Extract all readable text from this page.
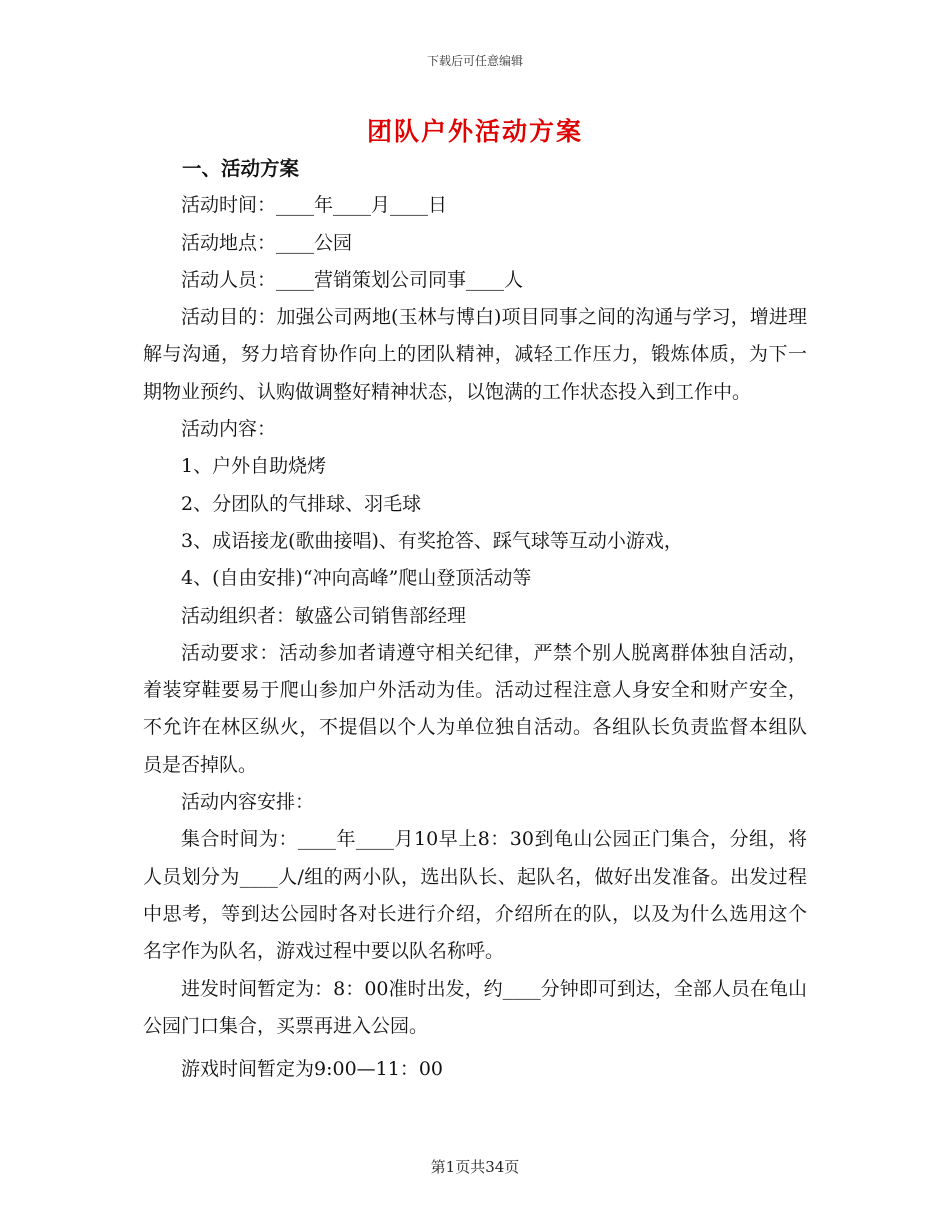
下载后可任意编辑
团队户外活动方案
一、活动方案

活动时间：____年____月____日

活动地点：____公园

活动人员：____营销策划公司同事____人

活动目的：加强公司两地(玉林与博白)项目同事之间的沟通与学习，增进理解与沟通，努力培育协作向上的团队精神，减轻工作压力，锻炼体质，为下一期物业预约、认购做调整好精神状态，以饱满的工作状态投入到工作中。

活动内容：

1、户外自助烧烤

2、分团队的气排球、羽毛球

3、成语接龙(歌曲接唱)、有奖抢答、踩气球等互动小游戏，

4、(自由安排)“冲向高峰”爬山登顶活动等

活动组织者：敏盛公司销售部经理

活动要求：活动参加者请遵守相关纪律，严禁个别人脱离群体独自活动，着装穿鞋要易于爬山参加户外活动为佳。活动过程注意人身安全和财产安全，不允许在林区纵火，不提倡以个人为单位独自活动。各组队长负责监督本组队员是否掉队。

活动内容安排：

集合时间为：____年____月10早上8：30到龟山公园正门集合，分组，将人员划分为____人/组的两小队，选出队长、起队名，做好出发准备。出发过程中思考，等到达公园时各对长进行介绍，介绍所在的队，以及为什么选用这个名字作为队名，游戏过程中要以队名称呼。

进发时间暂定为：8：00准时出发，约____分钟即可到达，全部人员在龟山公园门口集合，买票再进入公园。

游戏时间暂定为9:00—11：00

第1页共34页
